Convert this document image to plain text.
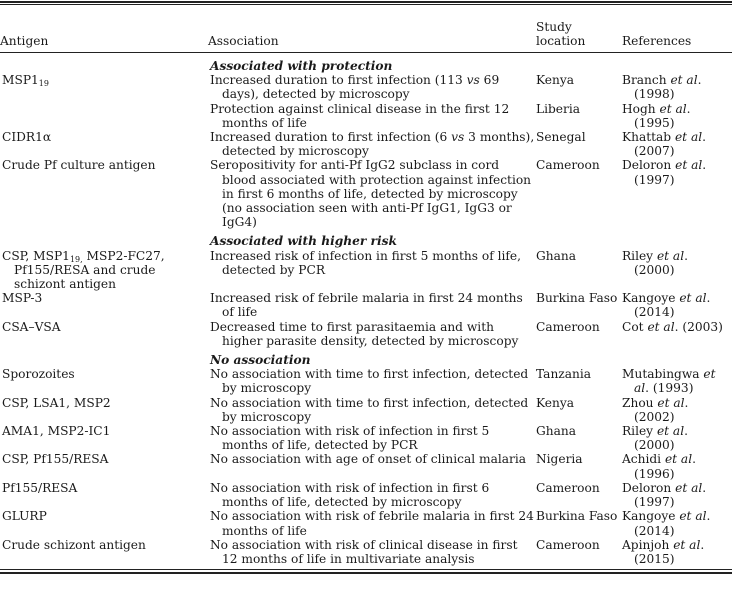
Antigen	Association	Study location	References

	Associated with protection		

$MSP1_{19}$	Increased duration to first infection (113 vs 69 days), detected by microscopy	Kenya	Branch et al. (1998)

	Protection against clinical disease in the first 12 months of life	Liberia	Hogh et al. (1995)

CIDR1α	Increased duration to first infection (6 vs 3 months), detected by microscopy	Senegal	Khattab et al. (2007)

Crude Pf culture antigen	Seropositivity for anti-Pf IgG2 subclass in cord blood associated with protection against infection in first 6 months of life, detected by microscopy (no association seen with anti-Pf IgG1, IgG3 or IgG4)	Cameroon	Deloron et al. (1997)

	Associated with higher risk		

CSP, $MSP1_{19,}$ MSP2-FC27, Pf155/RESA and crude schizont antigen	Increased risk of infection in first 5 months of life, detected by PCR	Ghana	Riley et al. (2000)

MSP-3	Increased risk of febrile malaria in first 24 months of life	Burkina Faso	Kangoye et al. (2014)

CSA–VSA	Decreased time to first parasitaemia and with higher parasite density, detected by microscopy	Cameroon	Cot et al. (2003)

	No association		

Sporozoites	No association with time to first infection, detected by microscopy	Tanzania	Mutabingwa et al. (1993)

CSP, LSA1, MSP2	No association with time to first infection, detected by microscopy	Kenya	Zhou et al. (2002)

AMA1, MSP2-IC1	No association with risk of infection in first 5 months of life, detected by PCR	Ghana	Riley et al. (2000)

CSP, Pf155/RESA	No association with age of onset of clinical malaria	Nigeria	Achidi et al. (1996)

Pf155/RESA	No association with risk of infection in first 6 months of life, detected by microscopy	Cameroon	Deloron et al. (1997)

GLURP	No association with risk of febrile malaria in first 24 months of life	Burkina Faso	Kangoye et al. (2014)

Crude schizont antigen	No association with risk of clinical disease in first 12 months of life in multivariate analysis	Cameroon	Apinjoh et al. (2015)
